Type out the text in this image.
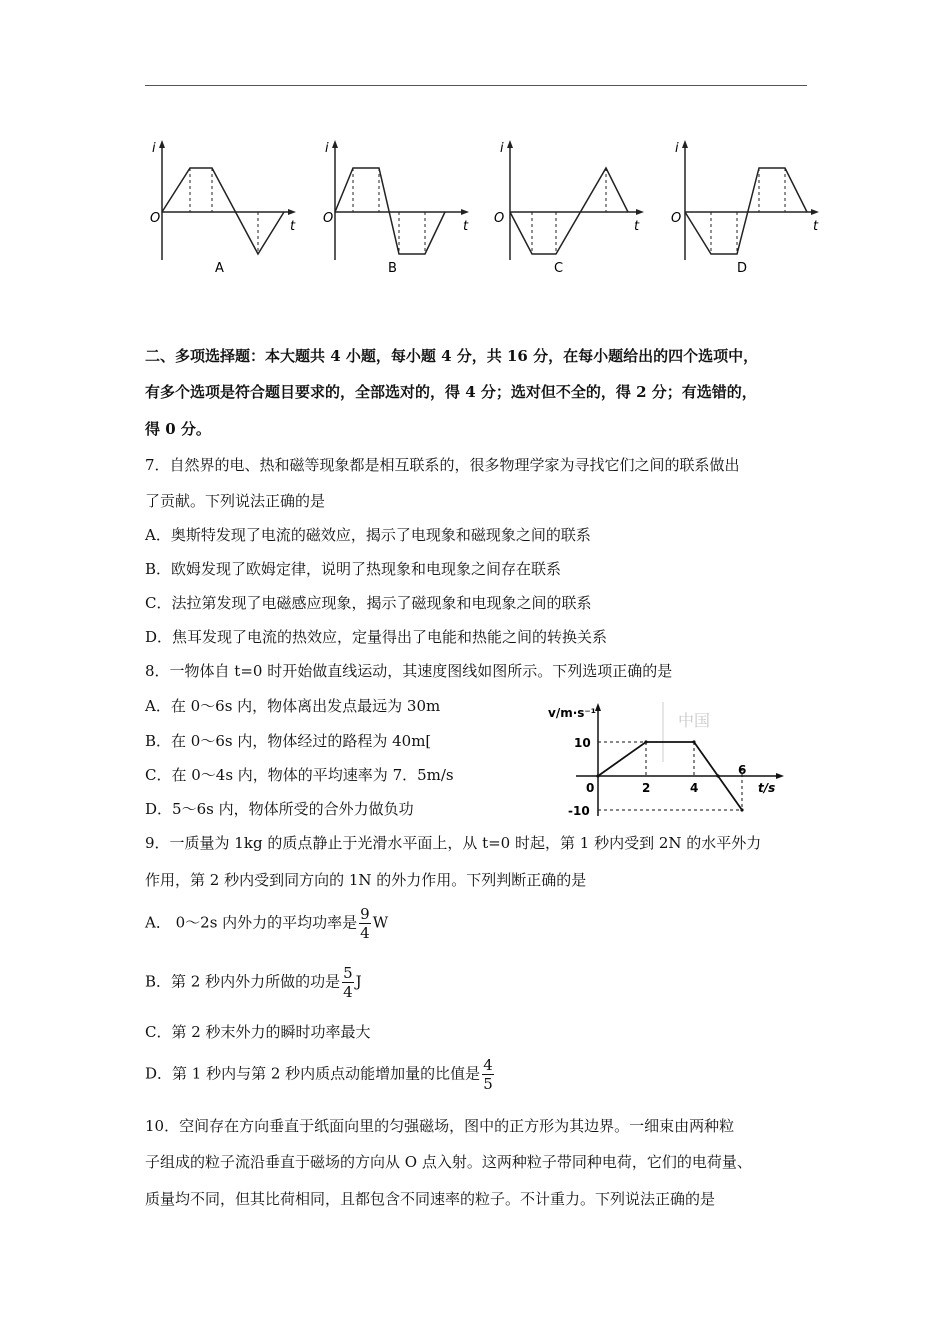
i
O
t
A
i
O
t
B
i
O
t
C
i
O
t
D
二、多项选择题：本大题共 4 小题，每小题 4 分，共 16 分，在每小题给出的四个选项中，
有多个选项是符合题目要求的，全部选对的，得 4 分；选对但不全的，得 2 分；有选错的，
得 0 分。
7．自然界的电、热和磁等现象都是相互联系的，很多物理学家为寻找它们之间的联系做出
了贡献。下列说法正确的是
A．奥斯特发现了电流的磁效应，揭示了电现象和磁现象之间的联系
B．欧姆发现了欧姆定律，说明了热现象和电现象之间存在联系
C．法拉第发现了电磁感应现象，揭示了磁现象和电现象之间的联系
D．焦耳发现了电流的热效应，定量得出了电能和热能之间的转换关系
8．一物体自 t=0 时开始做直线运动，其速度图线如图所示。下列选项正确的是
A．在 0～6s 内，物体离出发点最远为 30m
B．在 0～6s 内，物体经过的路程为 40m[
C．在 0～4s 内，物体的平均速率为 7．5m/s
D．5～6s 内，物体所受的合外力做负功
中国
v/m·s⁻¹
t/s
0	2	4
6
10
-10
9．一质量为 1kg 的质点静止于光滑水平面上，从 t=0 时起，第 1 秒内受到 2N 的水平外力
作用，第 2 秒内受到同方向的 1N 的外力作用。下列判断正确的是
A． 0～2s 内外力的平均功率是 $\frac{9}{4}$ W
B．第 2 秒内外力所做的功是 $\frac{5}{4}$ J
C．第 2 秒末外力的瞬时功率最大
D．第 1 秒内与第 2 秒内质点动能增加量的比值是 $\frac{4}{5}$
10．空间存在方向垂直于纸面向里的匀强磁场，图中的正方形为其边界。一细束由两种粒
子组成的粒子流沿垂直于磁场的方向从 O 点入射。这两种粒子带同种电荷，它们的电荷量、
质量均不同，但其比荷相同，且都包含不同速率的粒子。不计重力。下列说法正确的是
